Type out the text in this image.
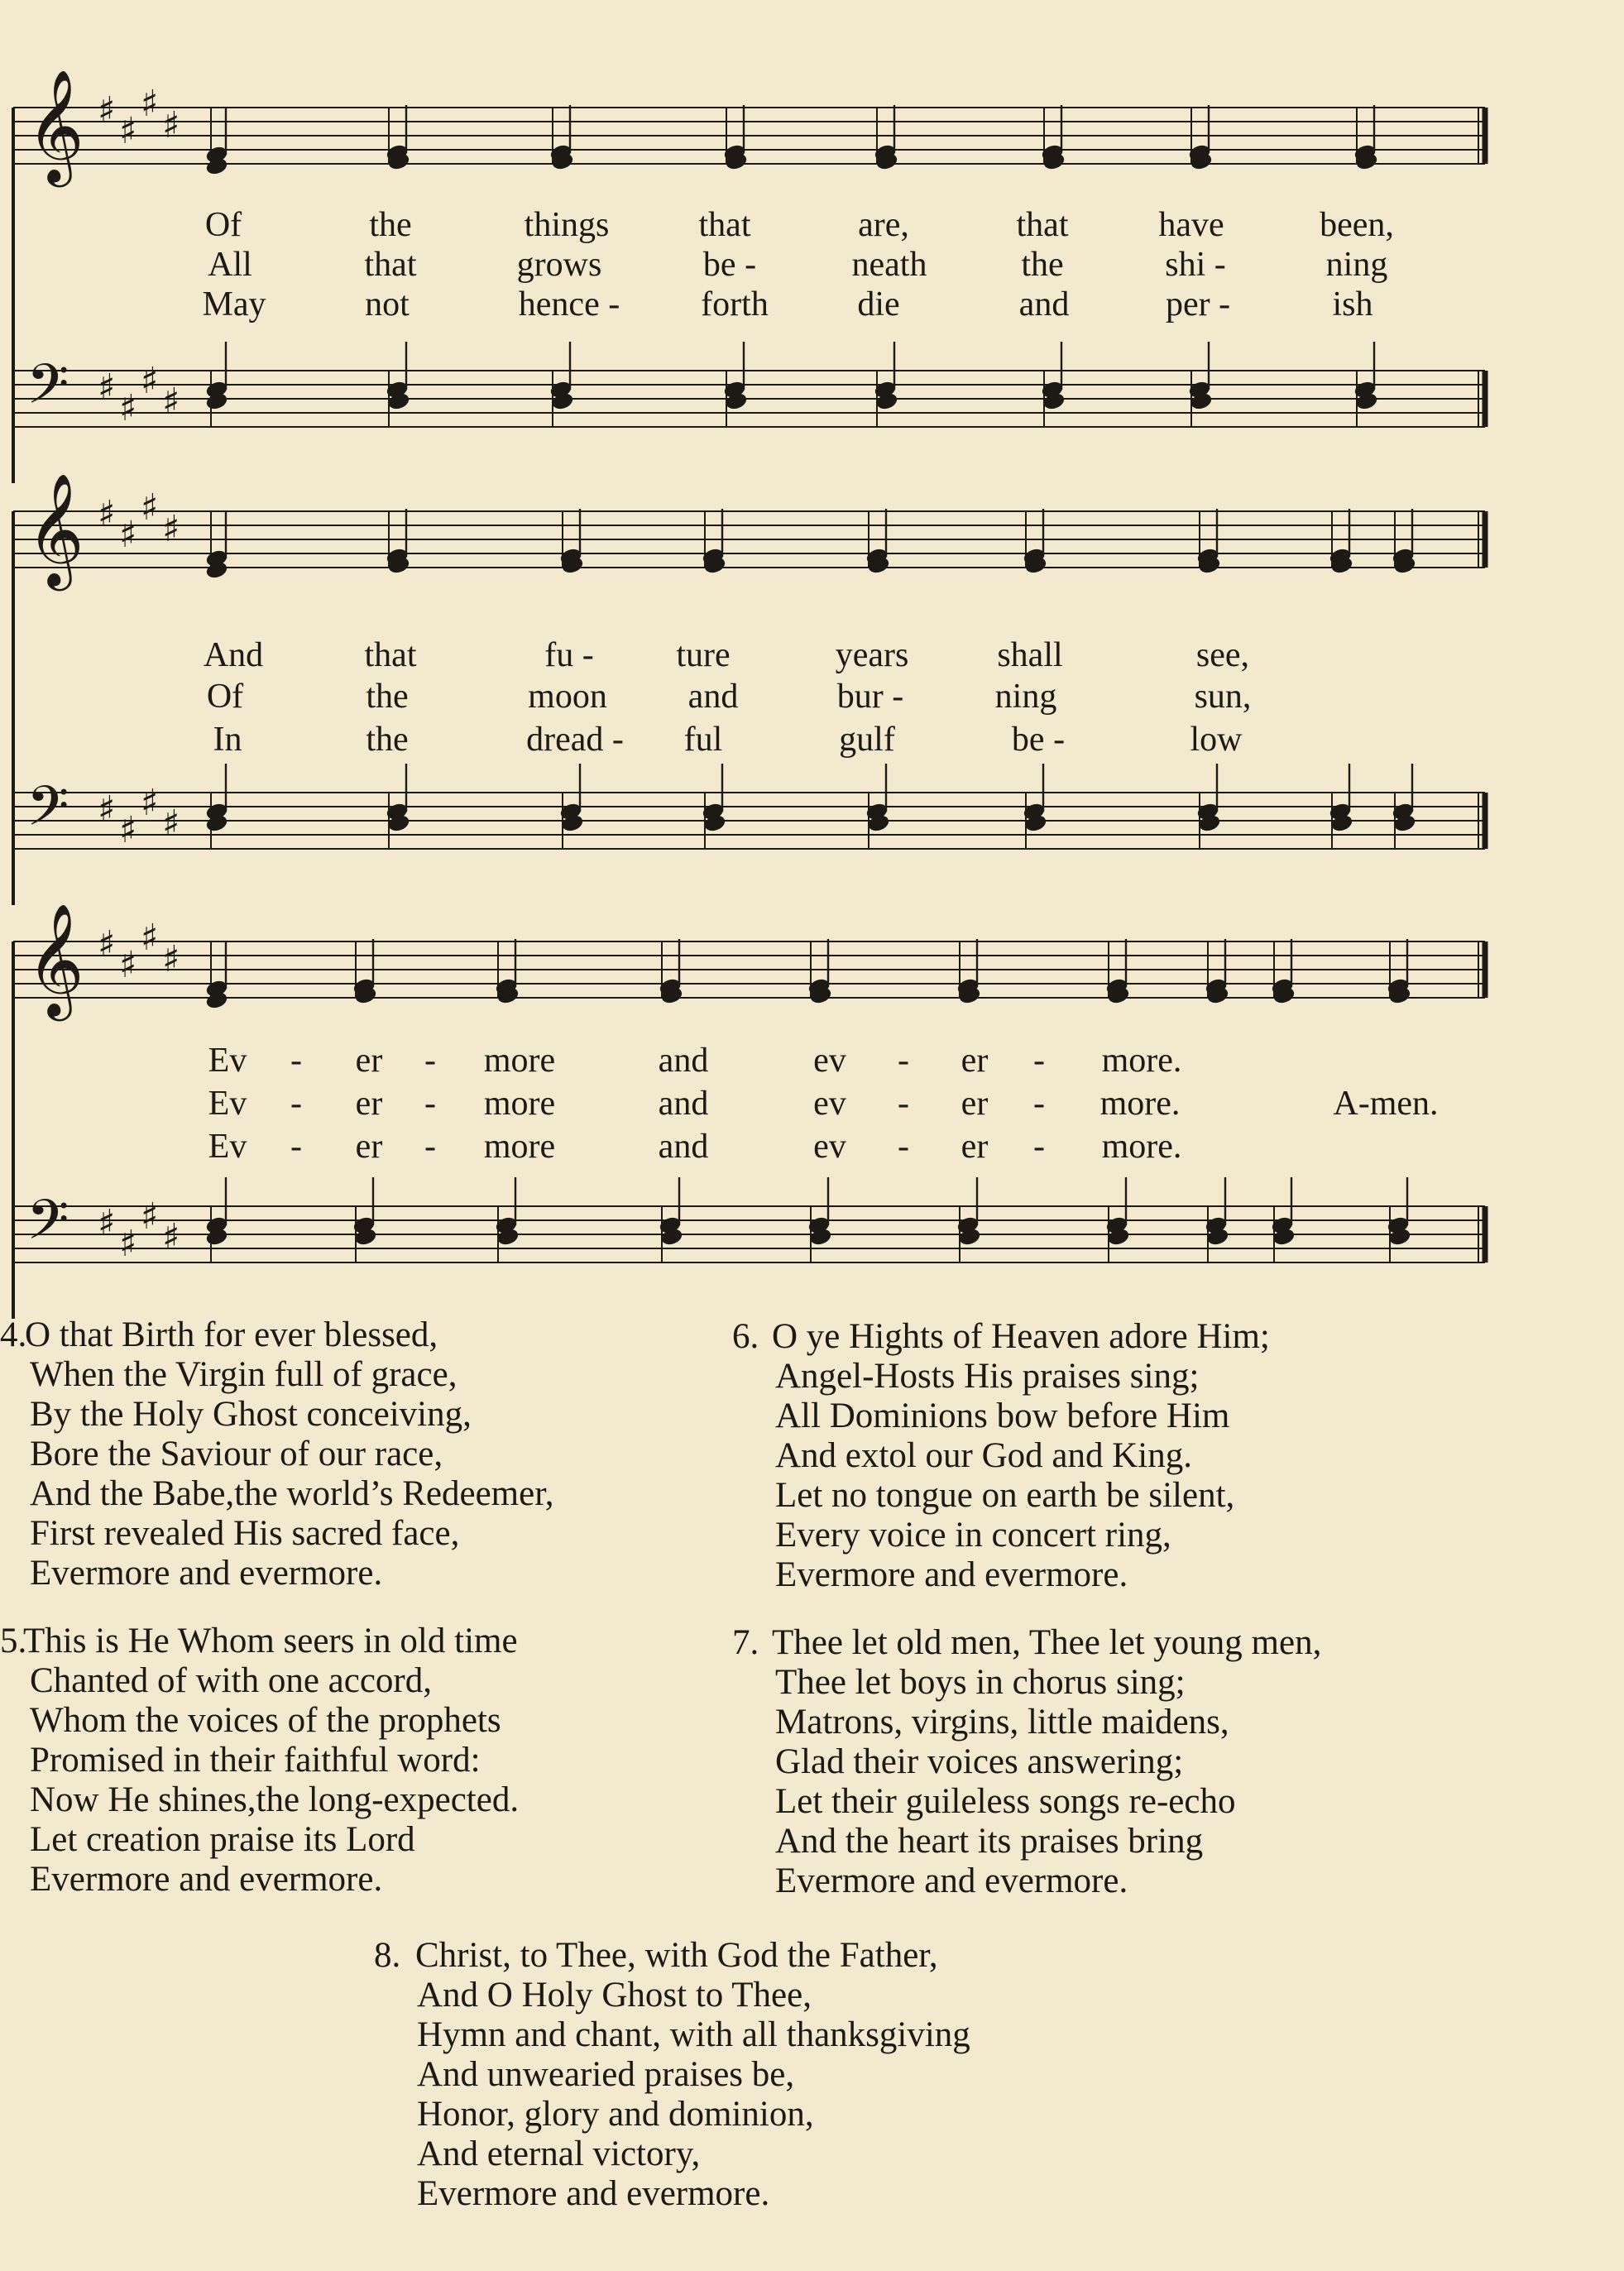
𝄞 ♯ ♯
♯
♯
𝄢 ♯ ♯
♯ ♯
𝄞 ♯ ♯
♯
♯
𝄢 ♯ ♯
♯ ♯
𝄞 ♯ ♯
♯
♯
𝄢 ♯ ♯
♯ ♯
Of	the	things	that	are,	that	have	been,
All	that	grows	be -	neath	the	shi -	ning
May	not	hence - forth	die	and	per -	ish
And	that	fu - ture	years	shall	see,
Of	the	moon and	bur -	ning	sun,
In	the	dread - ful	gulf	be -	low
Ev - er - more	and	ev - er - more.
Ev - er - more	and	ev - er - more.	A-men.
Ev - er - more	and	ev - er - more.
4.
O that Birth for ever blessed,
When the Virgin full of grace,
By the Holy Ghost conceiving,
Bore the Saviour of our race,
And the Babe,the world’s Redeemer,
First revealed His sacred face,
Evermore and evermore.
6. O ye Hights of Heaven adore Him;
Angel-Hosts His praises sing;
All Dominions bow before Him
And extol our God and King.
Let no tongue on earth be silent,
Every voice in concert ring,
Evermore and evermore.
5.
This is He Whom seers in old time
Chanted of with one accord,
Whom the voices of the prophets
Promised in their faithful word:
Now He shines,the long-expected.
Let creation praise its Lord
Evermore and evermore.
7. Thee let old men, Thee let young men,
Thee let boys in chorus sing;
Matrons, virgins, little maidens,
Glad their voices answering;
Let their guileless songs re-echo
And the heart its praises bring
Evermore and evermore.
8. Christ, to Thee, with God the Father,
And O Holy Ghost to Thee,
Hymn and chant, with all thanksgiving
And unwearied praises be,
Honor, glory and dominion,
And eternal victory,
Evermore and evermore.
